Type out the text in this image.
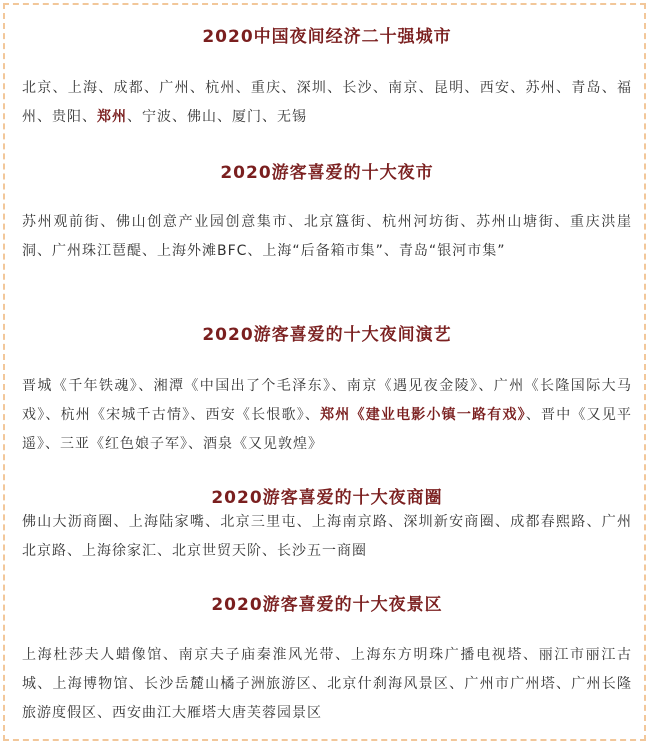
2020中国夜间经济二十强城市
北京、上海、成都、广州、杭州、重庆、深圳、长沙、南京、昆明、西安、苏州、青岛、福州、贵阳、郑州、宁波、佛山、厦门、无锡
2020游客喜爱的十大夜市
苏州观前街、佛山创意产业园创意集市、北京簋街、杭州河坊街、苏州山塘街、重庆洪崖洞、广州珠江琶醍、上海外滩BFC、上海“后备箱市集”、青岛“银河市集”
2020游客喜爱的十大夜间演艺
晋城《千年铁魂》、湘潭《中国出了个毛泽东》、南京《遇见夜金陵》、广州《长隆国际大马戏》、杭州《宋城千古情》、西安《长恨歌》、郑州《建业电影小镇一路有戏》、晋中《又见平遥》、三亚《红色娘子军》、酒泉《又见敦煌》
2020游客喜爱的十大夜商圈
佛山大沥商圈、上海陆家嘴、北京三里屯、上海南京路、深圳新安商圈、成都春熙路、广州北京路、上海徐家汇、北京世贸天阶、长沙五一商圈
2020游客喜爱的十大夜景区
上海杜莎夫人蜡像馆、南京夫子庙秦淮风光带、上海东方明珠广播电视塔、丽江市丽江古城、上海博物馆、长沙岳麓山橘子洲旅游区、北京什刹海风景区、广州市广州塔、广州长隆旅游度假区、西安曲江大雁塔大唐芙蓉园景区
